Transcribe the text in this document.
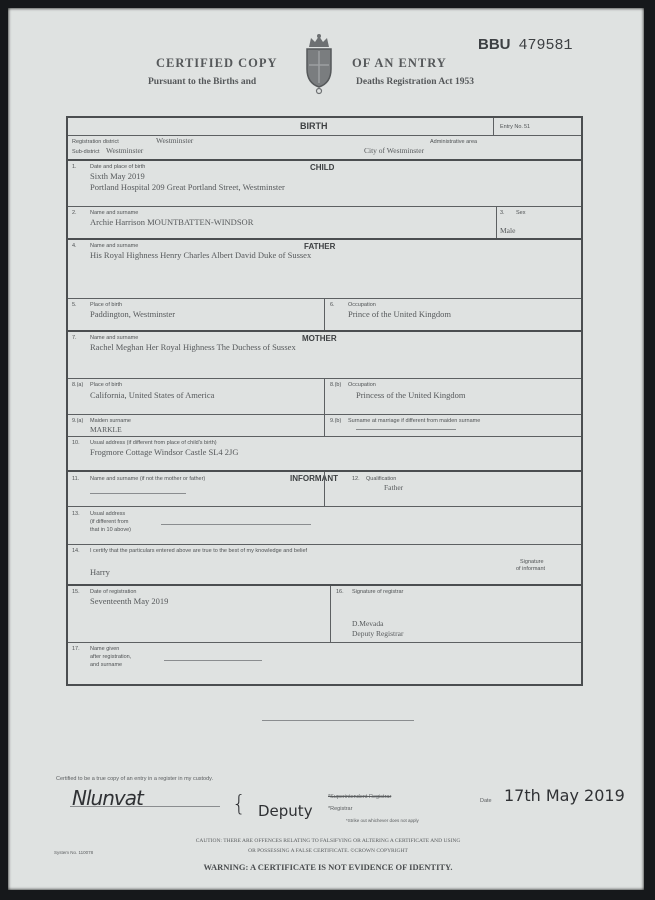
CERTIFIED COPY	OF AN ENTRY
Pursuant to the Births and	Deaths Registration Act 1953
BBU 479581
BIRTH	Entry No. 51
Registration district	Westminster	Administrative area
Sub-district Westminster	City of Westminster
1. Date and place of birth	CHILD
Sixth May 2019
Portland Hospital 209 Great Portland Street, Westminster
2. Name and surname
Archie Harrison MOUNTBATTEN-WINDSOR
3. Sex
Male
4. Name and surname	FATHER
His Royal Highness Henry Charles Albert David Duke of Sussex
5. Place of birth
Paddington, Westminster
6. Occupation
Prince of the United Kingdom
7. Name and surname	MOTHER
Rachel Meghan Her Royal Highness The Duchess of Sussex
8.(a) Place of birth
California, United States of America
8.(b) Occupation
Princess of the United Kingdom
9.(a) Maiden surname
MARKLE
9.(b) Surname at marriage if different from maiden surname
10. Usual address (if different from place of child's birth)
Frogmore Cottage Windsor Castle SL4 2JG
11. Name and surname (if not the mother or father)	INFORMANT	12. Qualification
Father
13. Usual address
(if different from
that in 10 above)
14. I certify that the particulars entered above are true to the best of my knowledge and belief
Harry
Signature
of informant
15. Date of registration
Seventeenth May 2019
16. Signature of registrar
D.Mevada
Deputy Registrar
17. Name given
after registration,
and surname
Certified to be a true copy of an entry in a register in my custody.
Nlunvat	{ Deputy
*Superintendent Registrar
*Registrar
*Strike out whichever does not apply
Date 17th May 2019
System No. 110078
CAUTION: THERE ARE OFFENCES RELATING TO FALSIFYING OR ALTERING A CERTIFICATE AND USING
OR POSSESSING A FALSE CERTIFICATE. ©CROWN COPYRIGHT
WARNING: A CERTIFICATE IS NOT EVIDENCE OF IDENTITY.
